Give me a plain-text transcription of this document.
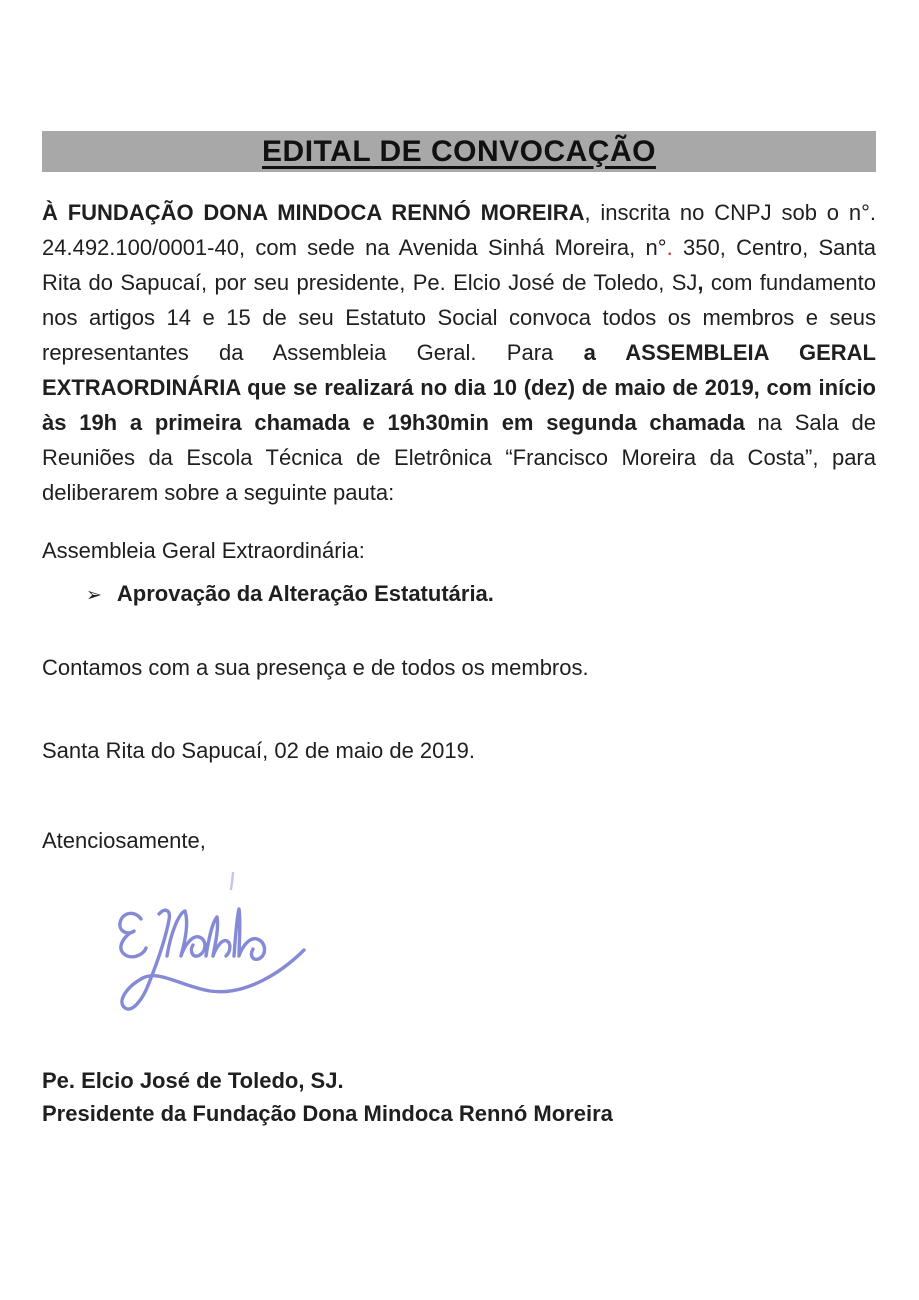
EDITAL DE CONVOCAÇÃO

À FUNDAÇÃO DONA MINDOCA RENNÓ MOREIRA, inscrita no CNPJ sob o n°. 24.492.100/0001-40, com sede na Avenida Sinhá Moreira, n°. 350, Centro, Santa Rita do Sapucaí, por seu presidente, Pe. Elcio José de Toledo, SJ, com fundamento nos artigos 14 e 15 de seu Estatuto Social convoca todos os membros e seus representantes da Assembleia Geral. Para a ASSEMBLEIA GERAL EXTRAORDINÁRIA que se realizará no dia 10 (dez) de maio de 2019, com início às 19h a primeira chamada e 19h30min em segunda chamada na Sala de Reuniões da Escola Técnica de Eletrônica “Francisco Moreira da Costa”, para deliberarem sobre a seguinte pauta:

Assembleia Geral Extraordinária:

➢ Aprovação da Alteração Estatutária.

Contamos com a sua presença e de todos os membros.

Santa Rita do Sapucaí, 02 de maio de 2019.

Atenciosamente,

Pe. Elcio José de Toledo, SJ.

Presidente da Fundação Dona Mindoca Rennó Moreira
